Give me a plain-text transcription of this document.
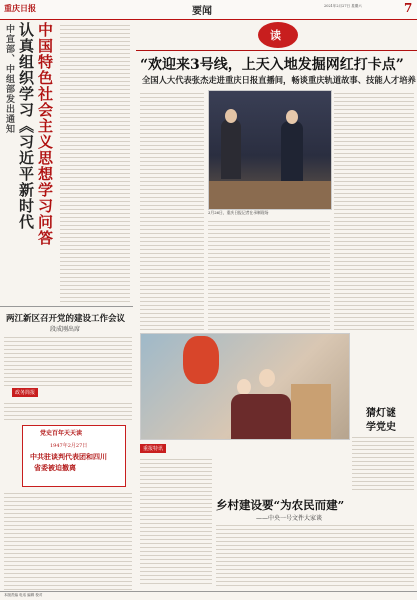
重庆日报	要闻	2021年2月27日 星期六	7
中宣部、中组部发出通知 中国特色社会主义思想学习问答
认真组织学习《习近平新时代
两江新区召开党的建设工作会议
段成刚出席
政务简报
党史百年天天读
1947年2月27日
中共驻谈判代表团和四川
省委被迫撤离
读
“欢迎来3号线，上天入地发掘网红打卡点”
全国人大代表张杰走进重庆日报直播间，畅谈重庆轨道故事、技能人才培养
2月26日，重庆日报记者在录制现场
猜灯谜
学党史
重报特讯
乡村建设要“为农民而建”
——中央一号文件大家谈
本版责编 电话 编辑 校对
